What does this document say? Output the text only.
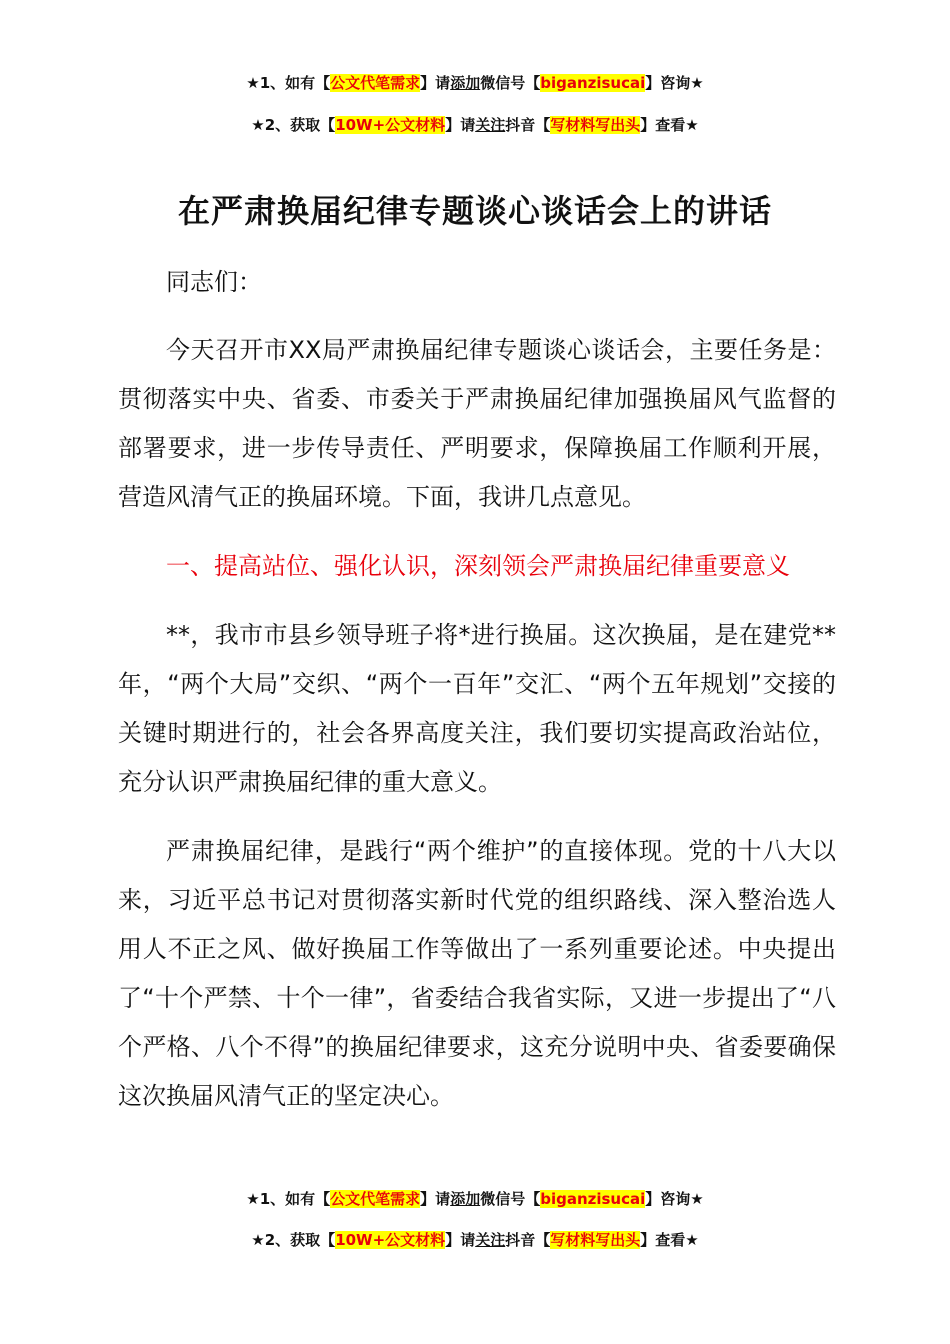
★1、如有【公文代笔需求】请添加微信号【biganzisucai】咨询★
★2、获取【10W+公文材料】请关注抖音【写材料写出头】查看★
在严肃换届纪律专题谈心谈话会上的讲话
同志们：

今天召开市XX局严肃换届纪律专题谈心谈话会，主要任务是：贯彻落实中央、省委、市委关于严肃换届纪律加强换届风气监督的部署要求，进一步传导责任、严明要求，保障换届工作顺利开展，营造风清气正的换届环境。下面，我讲几点意见。

一、提高站位、强化认识，深刻领会严肃换届纪律重要意义

**，我市市县乡领导班子将*进行换届。这次换届，是在建党**年，“两个大局”交织、“两个一百年”交汇、“两个五年规划”交接的关键时期进行的，社会各界高度关注，我们要切实提高政治站位，充分认识严肃换届纪律的重大意义。

严肃换届纪律，是践行“两个维护”的直接体现。党的十八大以来，习近平总书记对贯彻落实新时代党的组织路线、深入整治选人用人不正之风、做好换届工作等做出了一系列重要论述。中央提出了“十个严禁、十个一律”，省委结合我省实际，又进一步提出了“八个严格、八个不得”的换届纪律要求，这充分说明中央、省委要确保这次换届风清气正的坚定决心。

★1、如有【公文代笔需求】请添加微信号【biganzisucai】咨询★
★2、获取【10W+公文材料】请关注抖音【写材料写出头】查看★
